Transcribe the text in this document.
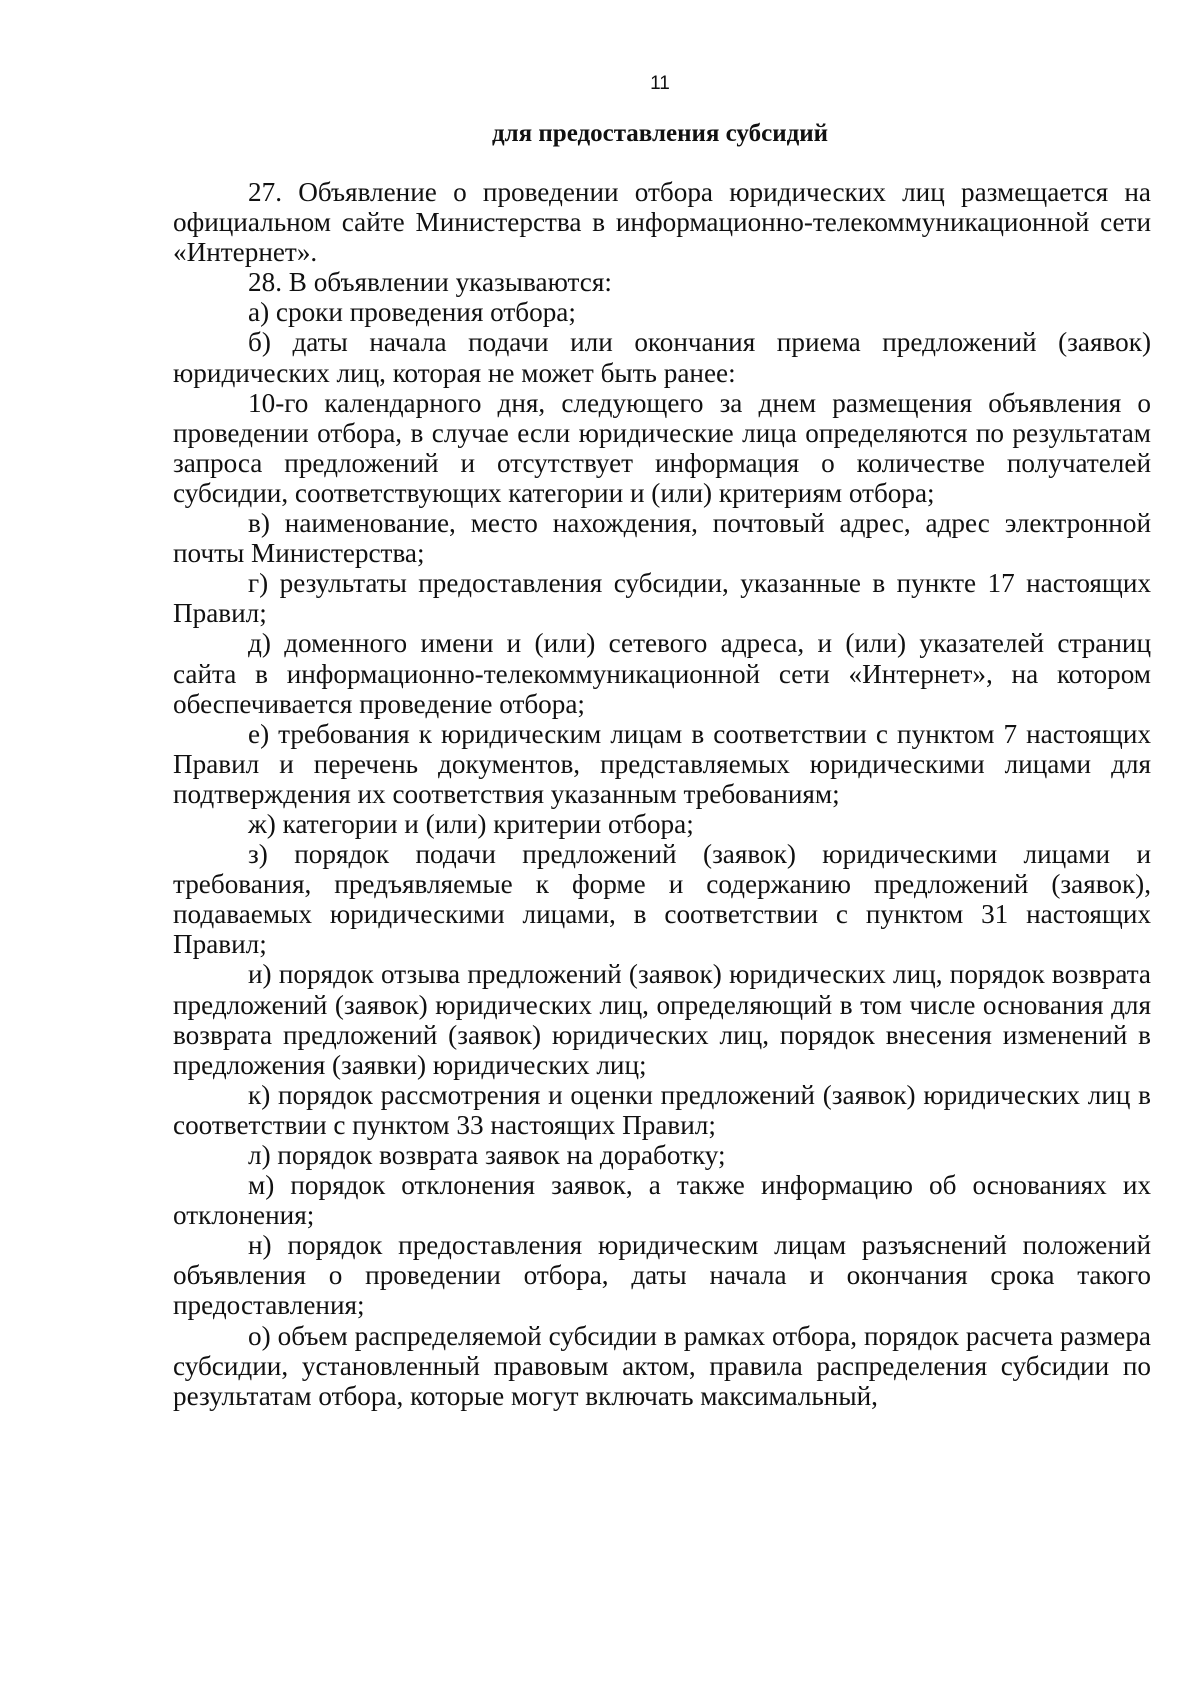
11
для предоставления субсидий

27. Объявление о проведении отбора юридических лиц размещается на официальном сайте Министерства в информационно-телекоммуникационной сети «Интернет».

28. В объявлении указываются:

а) сроки проведения отбора;

б) даты начала подачи или окончания приема предложений (заявок) юридических лиц, которая не может быть ранее:

10-го календарного дня, следующего за днем размещения объявления о проведении отбора, в случае если юридические лица определяются по результатам запроса предложений и отсутствует информация о количестве получателей субсидии, соответствующих категории и (или) критериям отбора;

в) наименование, место нахождения, почтовый адрес, адрес электронной почты Министерства;

г) результаты предоставления субсидии, указанные в пункте 17 настоящих Правил;

д) доменного имени и (или) сетевого адреса, и (или) указателей страниц сайта в информационно-телекоммуникационной сети «Интернет», на котором обеспечивается проведение отбора;

е) требования к юридическим лицам в соответствии с пунктом 7 настоящих Правил и перечень документов, представляемых юридическими лицами для подтверждения их соответствия указанным требованиям;

ж) категории и (или) критерии отбора;

з) порядок подачи предложений (заявок) юридическими лицами и требования, предъявляемые к форме и содержанию предложений (заявок), подаваемых юридическими лицами, в соответствии с пунктом 31 настоящих Правил;

и) порядок отзыва предложений (заявок) юридических лиц, порядок возврата предложений (заявок) юридических лиц, определяющий в том числе основания для возврата предложений (заявок) юридических лиц, порядок внесения изменений в предложения (заявки) юридических лиц;

к) порядок рассмотрения и оценки предложений (заявок) юридических лиц в соответствии с пунктом 33 настоящих Правил;

л) порядок возврата заявок на доработку;

м) порядок отклонения заявок, а также информацию об основаниях их отклонения;

н) порядок предоставления юридическим лицам разъяснений положений объявления о проведении отбора, даты начала и окончания срока такого предоставления;

о) объем распределяемой субсидии в рамках отбора, порядок расчета размера субсидии, установленный правовым актом, правила распределения субсидии по результатам отбора, которые могут включать максимальный,
